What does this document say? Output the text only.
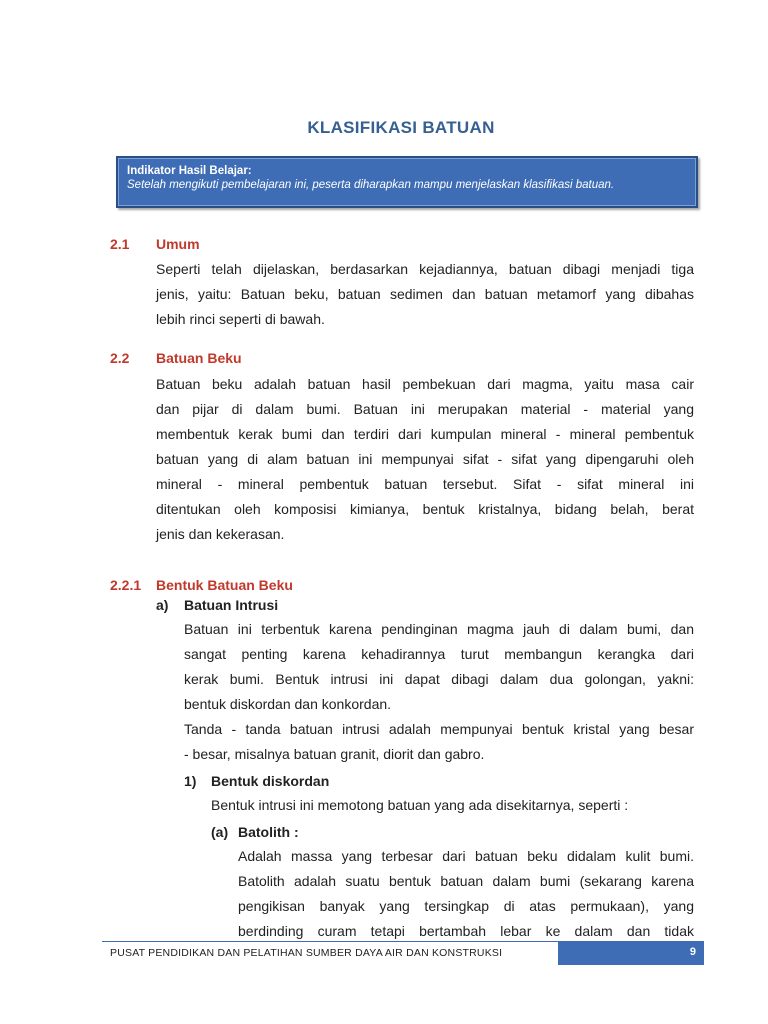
KLASIFIKASI BATUAN
Indikator Hasil Belajar:
Setelah mengikuti pembelajaran ini, peserta diharapkan mampu menjelaskan klasifikasi batuan.
2.1 Umum
Seperti telah dijelaskan, berdasarkan kejadiannya, batuan dibagi menjadi tiga
jenis, yaitu: Batuan beku, batuan sedimen dan batuan metamorf yang dibahas
lebih rinci seperti di bawah.
2.2 Batuan Beku
Batuan beku adalah batuan hasil pembekuan dari magma, yaitu masa cair
dan pijar di dalam bumi. Batuan ini merupakan material - material yang
membentuk kerak bumi dan terdiri dari kumpulan mineral - mineral pembentuk
batuan yang di alam batuan ini mempunyai sifat - sifat yang dipengaruhi oleh
mineral - mineral pembentuk batuan tersebut. Sifat - sifat mineral ini
ditentukan oleh komposisi kimianya, bentuk kristalnya, bidang belah, berat
jenis dan kekerasan.
2.2.1 Bentuk Batuan Beku
a) Batuan Intrusi
Batuan ini terbentuk karena pendinginan magma jauh di dalam bumi, dan
sangat penting karena kehadirannya turut membangun kerangka dari
kerak bumi. Bentuk intrusi ini dapat dibagi dalam dua golongan, yakni:
bentuk diskordan dan konkordan.
Tanda - tanda batuan intrusi adalah mempunyai bentuk kristal yang besar
- besar, misalnya batuan granit, diorit dan gabro.
1) Bentuk diskordan
Bentuk intrusi ini memotong batuan yang ada disekitarnya, seperti :
(a) Batolith :
Adalah massa yang terbesar dari batuan beku didalam kulit bumi.
Batolith adalah suatu bentuk batuan dalam bumi (sekarang karena
pengikisan banyak yang tersingkap di atas permukaan), yang
berdinding curam tetapi bertambah lebar ke dalam dan tidak
PUSAT PENDIDIKAN DAN PELATIHAN SUMBER DAYA AIR DAN KONSTRUKSI	9
